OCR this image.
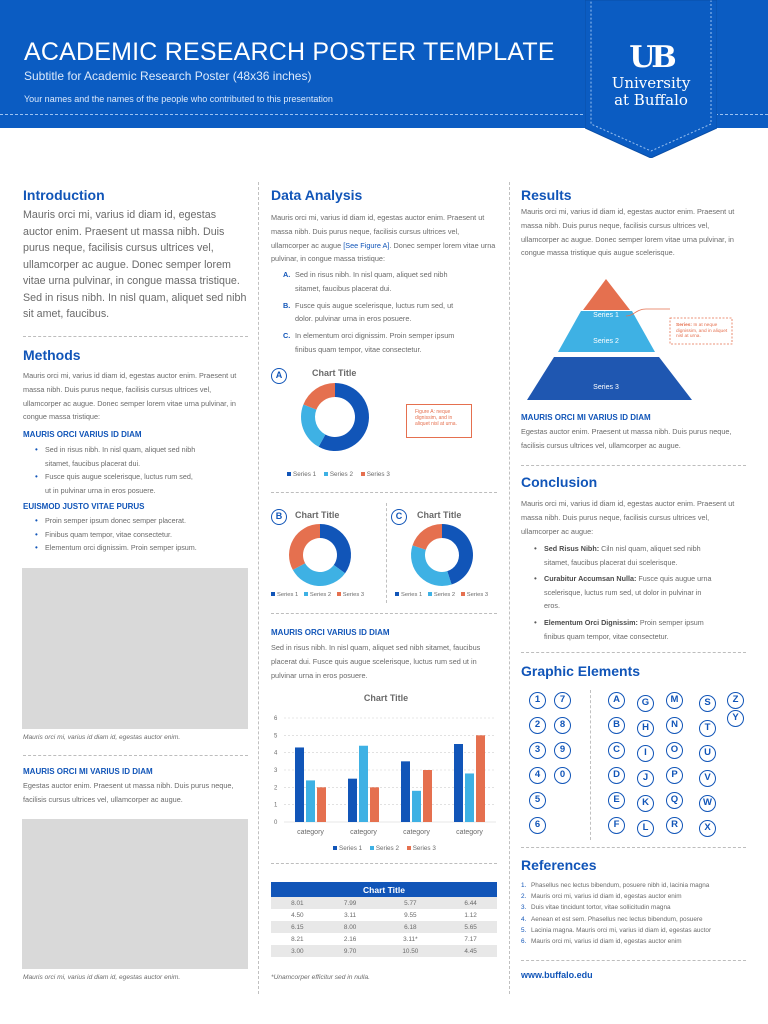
ACADEMIC RESEARCH POSTER TEMPLATE
Subtitle for Academic Research Poster (48x36 inches)
Your names and the names of the people who contributed to this presentation
UB
University
at Buffalo
Introduction
Mauris orci mi, varius id diam id, egestas auctor enim. Praesent ut massa nibh. Duis purus neque, facilisis cursus ultrices vel, ullamcorper ac augue. Donec semper lorem vitae urna pulvinar, in congue massa tristique. Sed in risus nibh. In nisl quam, aliquet sed nibh sit amet, faucibus.
Methods
Mauris orci mi, varius id diam id, egestas auctor enim. Praesent ut massa nibh. Duis purus neque, facilisis cursus ultrices vel, ullamcorper ac augue. Donec semper lorem vitae urna pulvinar, in congue massa tristique:
MAURIS ORCI VARIUS ID DIAM
• Sed in risus nibh. In nisl quam, aliquet sed nibh
sitamet, faucibus placerat dui.
• Fusce quis augue scelerisque, luctus rum sed,
ut in pulvinar urna in eros posuere.
EUISMOD JUSTO VITAE PURUS
• Proin semper ipsum donec semper placerat.
• Finibus quam tempor, vitae consectetur.
• Elementum orci dignissim. Proin semper ipsum.
Mauris orci mi, varius id diam id, egestas auctor enim.
MAURIS ORCI MI VARIUS ID DIAM
Egestas auctor enim. Praesent ut massa nibh. Duis purus neque, facilisis cursus ultrices vel, ullamcorper ac augue.
Mauris orci mi, varius id diam id, egestas auctor enim.
Data Analysis
Mauris orci mi, varius id diam id, egestas auctor enim. Praesent ut massa nibh. Duis purus neque, facilisis cursus ultrices vel, ullamcorper ac augue [See Figure A]. Donec semper lorem vitae urna pulvinar, in congue massa tristique:
A. Sed in risus nibh. In nisl quam, aliquet sed nibh
sitamet, faucibus placerat dui.
B. Fusce quis augue scelerisque, luctus rum sed, ut
dolor. pulvinar urna in eros posuere.
C. In elementum orci dignissim. Proin semper ipsum
finibus quam tempor, vitae consectetur.
A	Chart Title
Figure A: neque dignissim, and in aliquet nisl at urna.
Series 1 Series 2 Series 3
B	Chart Title	C	Chart Title
Series 1 Series 2 Series 3	Series 1 Series 2 Series 3
MAURIS ORCI VARIUS ID DIAM
Sed in risus nibh. In nisl quam, aliquet sed nibh sitamet, faucibus placerat dui. Fusce quis augue scelerisque, luctus rum sed ut in pulvinar urna in eros posuere.
Chart Title
0
1
2
3
4
5
6
category	category	category	category
Series 1 Series 2 Series 3
Chart Title			
8.01	7.99	5.77	6.44
4.50	3.11	9.55	1.12
6.15	8.00	6.18	5.65
8.21	2.16	3.11*	7.17
3.00	9.70	10.50	4.45
*Unamcorper efficitur sed in nulla.
Results
Mauris orci mi, varius id diam id, egestas auctor enim. Praesent ut massa nibh. Duis purus neque, facilisis cursus ultrices vel, ullamcorper ac augue. Donec semper lorem vitae urna pulvinar, in congue massa tristique quis augue scelerisque.
Series 1
Series 2
Series 3
Series: In at neque dignissim, and in aliquet nisl at urna.
MAURIS ORCI MI VARIUS ID DIAM
Egestas auctor enim. Praesent ut massa nibh. Duis purus neque, facilisis cursus ultrices vel, ullamcorper ac augue.
Conclusion
Mauris orci mi, varius id diam id, egestas auctor enim. Praesent ut massa nibh. Duis purus neque, facilisis cursus ultrices vel, ullamcorper ac augue:
• Sed Risus Nibh: Ciln nisl quam, aliquet sed nibh
sitamet, faucibus placerat dui scelerisque.
• Curabitur Accumsan Nulla: Fusce quis augue urna
scelerisque, luctus rum sed, ut dolor in pulvinar in
eros.
• Elementum Orci Dignissim: Proin semper ipsum
finibus quam tempor, vitae consectetur.
Graphic Elements
1	7
2	8
3	9
4	0
5
6
A	G	M	S	Z
B	H	N	T
Y
C	I	O	U
D	J	P	V
E	K	Q	W
F	L	R	X
References
1. Phasellus nec lectus bibendum, posuere nibh id, lacinia magna
2. Mauris orci mi, varius id diam id, egestas auctor enim
3. Duis vitae tincidunt tortor, vitae sollicitudin magna
4. Aenean et est sem. Phasellus nec lectus bibendum, posuere
5. Lacinia magna. Mauris orci mi, varius id diam id, egestas auctor
6. Mauris orci mi, varius id diam id, egestas auctor enim
www.buffalo.edu
